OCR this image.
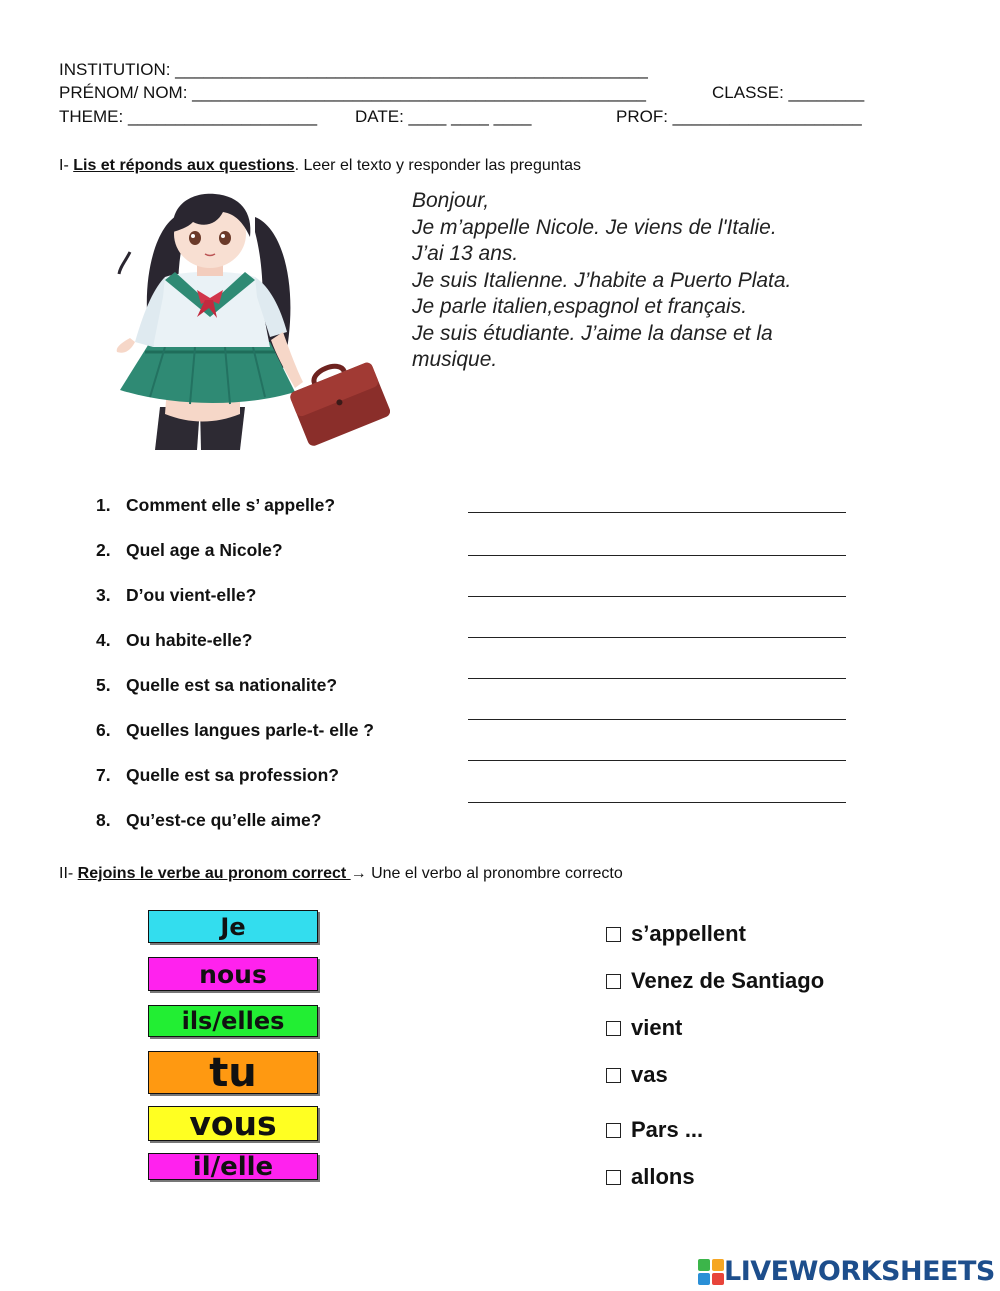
INSTITUTION: __________________________________________________
PRÉNOM/ NOM: ________________________________________________	CLASSE: ________
THEME: ____________________ DATE: ____ ____ ____	PROF: ____________________
I- Lis et réponds aux questions. Leer el texto y responder las preguntas
Bonjour,
Je m’appelle Nicole. Je viens de l'Italie.
J’ai 13 ans.
Je suis Italienne. J’habite a Puerto Plata.
Je parle italien,espagnol et français.
Je suis étudiante. J’aime la danse et la
musique.
1. Comment elle s’ appelle?
2. Quel age a Nicole?
3. D’ou vient-elle?
4. Ou habite-elle?
5. Quelle est sa nationalite?
6. Quelles langues parle-t- elle ?
7. Quelle est sa profession?
8. Qu’est-ce qu’elle aime?
II- Rejoins le verbe au pronom correct → Une el verbo al pronombre correcto
Je
nous
ils/elles
tu
vous
il/elle
s’appellent
Venez de Santiago
vient
vas
Pars ...
allons
LIVEWORKSHEETS
